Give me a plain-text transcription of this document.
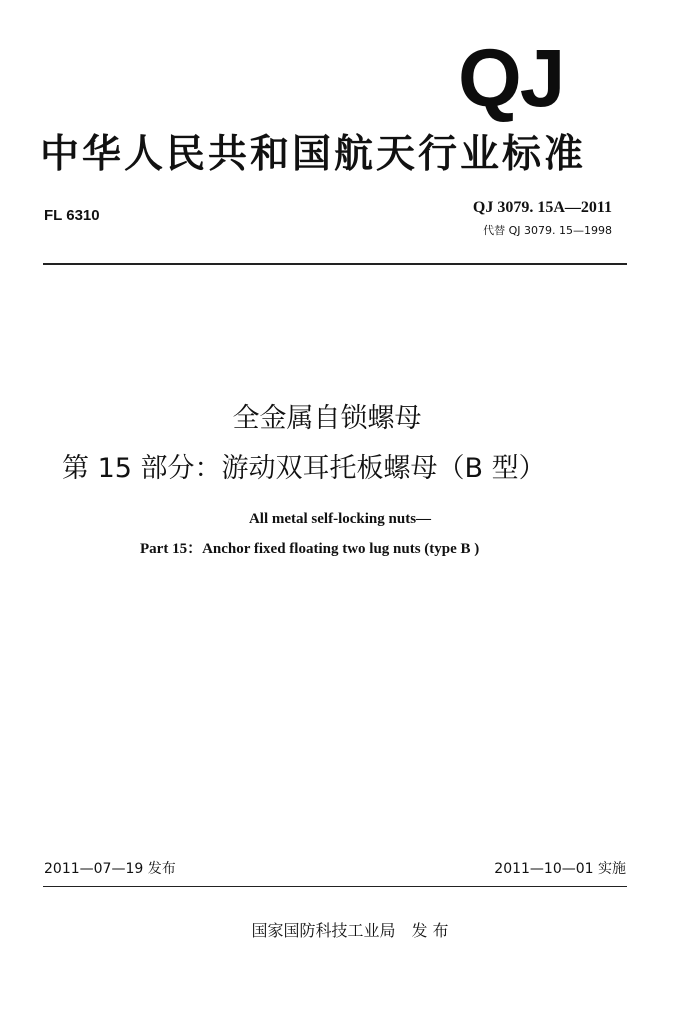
QJ
中华人民共和国航天行业标准
FL 6310	QJ 3079. 15A—2011
代替 QJ 3079. 15—1998
全金属自锁螺母
第 15 部分：游动双耳托板螺母（B 型）
All metal self-locking nuts—
Part 15：Anchor fixed floating two lug nuts (type B )
2011—07—19 发布	2011—10—01 实施
国家国防科技工业局　发 布
